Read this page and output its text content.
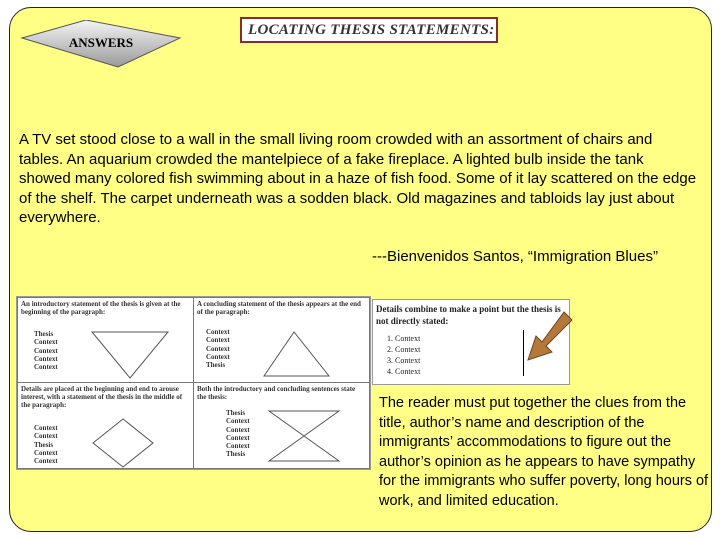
ANSWERS
LOCATING THESIS STATEMENTS:
A TV set stood close to a wall in the small living room crowded with an assortment of chairs and tables. An aquarium crowded the mantelpiece of a fake fireplace. A lighted bulb inside the tank showed many colored fish swimming about in a haze of fish food. Some of it lay scattered on the edge of the shelf. The carpet underneath was a sodden black. Old magazines and tabloids lay just about everywhere.
---Bienvenidos Santos, “Immigration Blues”
An introductory statement of the thesis is given at the beginning of the paragraph:
Thesis
Context
Context
Context
Context
A concluding statement of the thesis appears at the end of the paragraph:
Context
Context
Context
Context
Thesis
Details are placed at the beginning and end to arouse interest, with a statement of the thesis in the middle of the paragraph:
Context
Context
Thesis
Context
Context
Both the introductory and concluding sentences state the thesis:
Thesis
Context
Context
Context
Context
Thesis
Details combine to make a point but the thesis is not directly stated:
1. Context
2. Context
3. Context
4. Context
The reader must put together the clues from the title, author’s name and description of the immigrants’ accommodations to figure out the author’s opinion as he appears to have sympathy for the immigrants who suffer poverty, long hours of work, and limited education.
